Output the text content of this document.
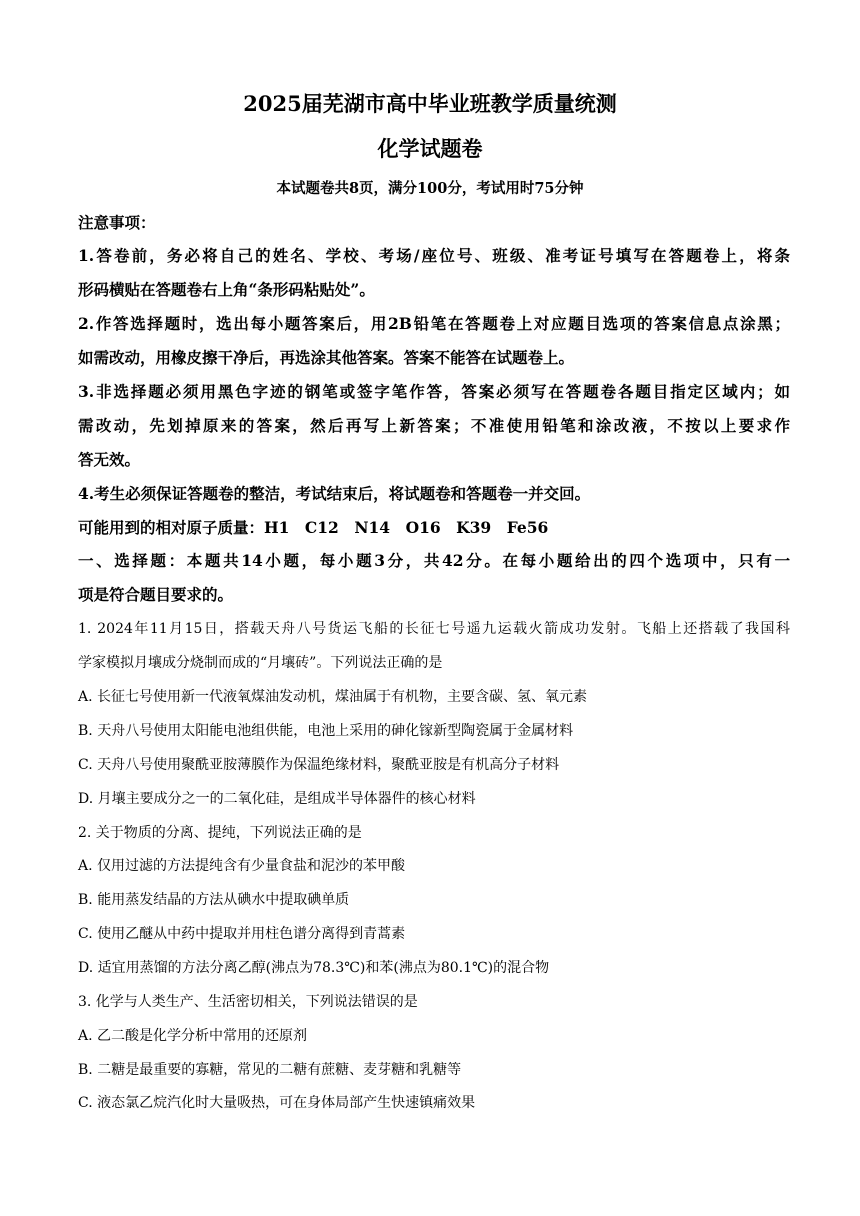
2025届芜湖市高中毕业班教学质量统测
化学试题卷
本试题卷共8页，满分100分，考试用时75分钟
注意事项：
1.答卷前，务必将自己的姓名、学校、考场/座位号、班级、准考证号填写在答题卷上，将条
形码横贴在答题卷右上角“条形码粘贴处”。
2.作答选择题时，选出每小题答案后，用2B铅笔在答题卷上对应题目选项的答案信息点涂黑；
如需改动，用橡皮擦干净后，再选涂其他答案。答案不能答在试题卷上。
3.非选择题必须用黑色字迹的钢笔或签字笔作答，答案必须写在答题卷各题目指定区域内；如
需改动，先划掉原来的答案，然后再写上新答案；不准使用铅笔和涂改液，不按以上要求作
答无效。
4.考生必须保证答题卷的整洁，考试结束后，将试题卷和答题卷一并交回。
可能用到的相对原子质量：H1　C12　N14　O16　K39　Fe56
一、选择题：本题共14小题，每小题3分，共42分。在每小题给出的四个选项中，只有一
项是符合题目要求的。
1. 2024年11月15日，搭载天舟八号货运飞船的长征七号遥九运载火箭成功发射。飞船上还搭载了我国科
学家模拟月壤成分烧制而成的“月壤砖”。下列说法正确的是
A. 长征七号使用新一代液氧煤油发动机，煤油属于有机物，主要含碳、氢、氧元素
B. 天舟八号使用太阳能电池组供能，电池上采用的砷化镓新型陶瓷属于金属材料
C. 天舟八号使用聚酰亚胺薄膜作为保温绝缘材料，聚酰亚胺是有机高分子材料
D. 月壤主要成分之一的二氧化硅，是组成半导体器件的核心材料
2. 关于物质的分离、提纯，下列说法正确的是
A. 仅用过滤的方法提纯含有少量食盐和泥沙的苯甲酸
B. 能用蒸发结晶的方法从碘水中提取碘单质
C. 使用乙醚从中药中提取并用柱色谱分离得到青蒿素
D. 适宜用蒸馏的方法分离乙醇(沸点为78.3℃)和苯(沸点为80.1℃)的混合物
3. 化学与人类生产、生活密切相关，下列说法错误的是
A. 乙二酸是化学分析中常用的还原剂
B. 二糖是最重要的寡糖，常见的二糖有蔗糖、麦芽糖和乳糖等
C. 液态氯乙烷汽化时大量吸热，可在身体局部产生快速镇痛效果
